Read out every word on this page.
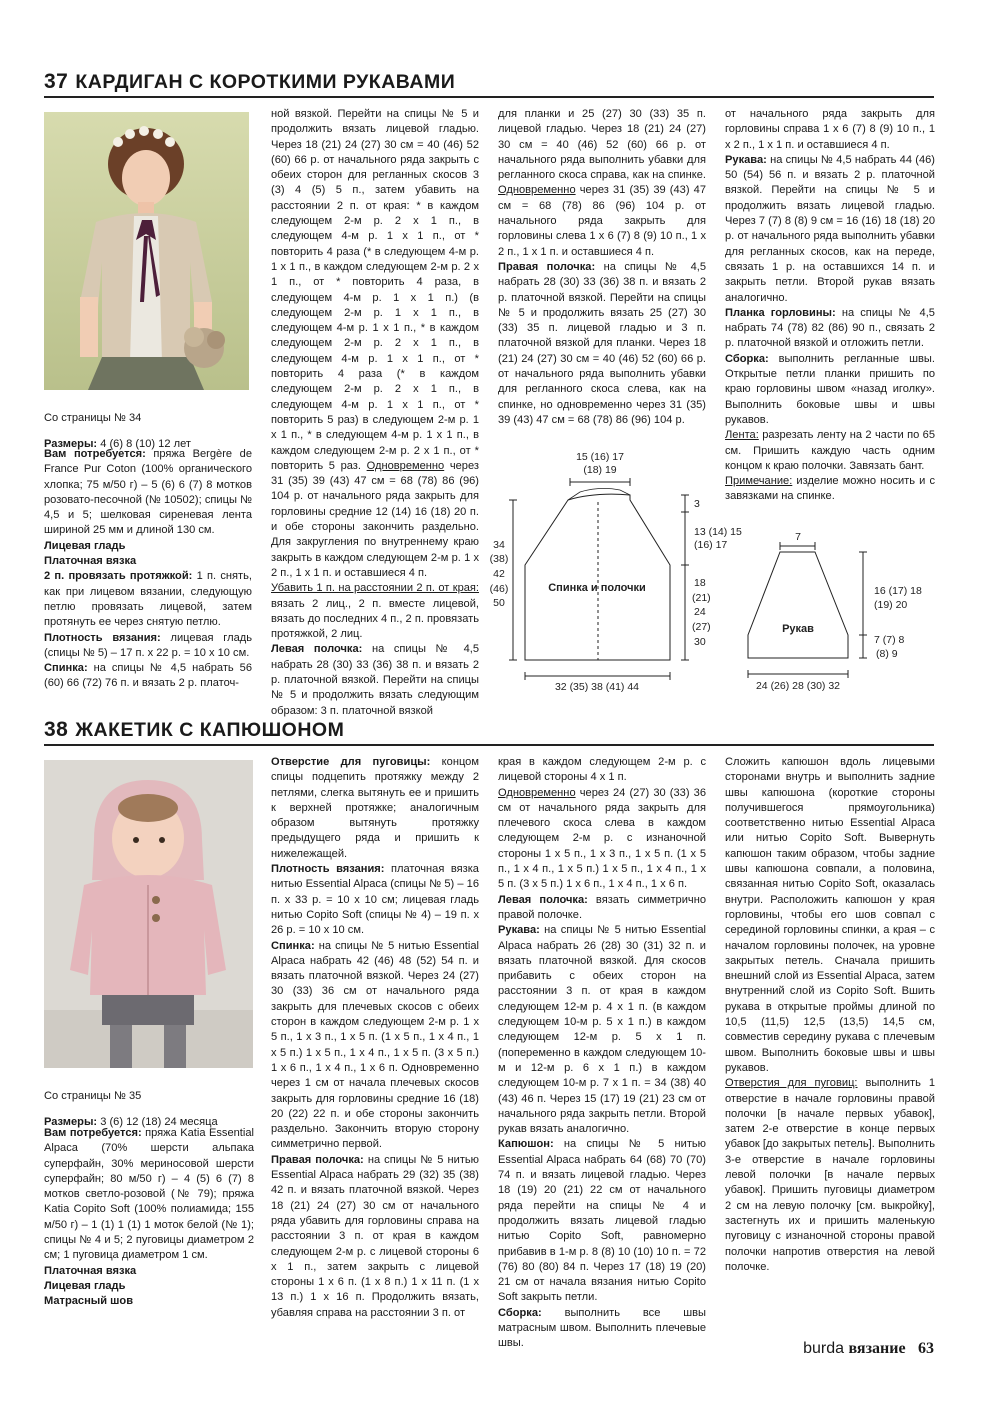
37 КАРДИГАН С КОРОТКИМИ РУКАВАМИ

Со страницы № 34

Размеры: 4 (6) 8 (10) 12 лет

Вам потребуется: пряжа Bergère de France Pur Coton (100% органического хлопка; 75 м/50 г) – 5 (6) 6 (7) 8 мотков розовато-песочной (№ 10502); спицы № 4,5 и 5; шелковая сиреневая лента шириной 25 мм и длиной 130 см.

Лицевая гладь

Платочная вязка

2 п. провязать протяжкой: 1 п. снять, как при лицевом вязании, следующую петлю провязать лицевой, затем протянуть ее через снятую петлю.

Плотность вязания: лицевая гладь (спицы № 5) – 17 п. х 22 р. = 10 х 10 см.

Спинка: на спицы № 4,5 набрать 56 (60) 66 (72) 76 п. и вязать 2 р. платоч-

ной вязкой. Перейти на спицы № 5 и продолжить вязать лицевой гладью. Через 18 (21) 24 (27) 30 см = 40 (46) 52 (60) 66 р. от начального ряда закрыть с обеих сторон для регланных скосов 3 (3) 4 (5) 5 п., затем убавить на расстоянии 2 п. от края: * в каждом следующем 2-м р. 2 х 1 п., в следующем 4-м р. 1 х 1 п., от * повторить 4 раза (* в следующем 4-м р. 1 х 1 п., в каждом следующем 2-м р. 2 х 1 п., от * повторить 4 раза, в следующем 4-м р. 1 х 1 п.) (в следующем 2-м р. 1 х 1 п., в следующем 4-м р. 1 х 1 п., * в каждом следующем 2-м р. 2 х 1 п., в следующем 4-м р. 1 х 1 п., от * повторить 4 раза (* в каждом следующем 2-м р. 2 х 1 п., в следующем 4-м р. 1 х 1 п., от * повторить 5 раз) в следующем 2-м р. 1 х 1 п., * в следующем 4-м р. 1 х 1 п., в каждом следующем 2-м р. 2 х 1 п., от * повторить 5 раз. Одновременно через 31 (35) 39 (43) 47 см = 68 (78) 86 (96) 104 р. от начального ряда закрыть для горловины средние 12 (14) 16 (18) 20 п. и обе стороны закончить раздельно. Для закругления по внутреннему краю закрыть в каждом следующем 2-м р. 1 х 2 п., 1 х 1 п. и оставшиеся 4 п.

Убавить 1 п. на расстоянии 2 п. от края: вязать 2 лиц., 2 п. вместе лицевой, вязать до последних 4 п., 2 п. провязать протяжкой, 2 лиц.

Левая полочка: на спицы № 4,5 набрать 28 (30) 33 (36) 38 п. и вязать 2 р. платочной вязкой. Перейти на спицы № 5 и продолжить вязать следующим образом: 3 п. платочной вязкой

для планки и 25 (27) 30 (33) 35 п. лицевой гладью. Через 18 (21) 24 (27) 30 см = 40 (46) 52 (60) 66 р. от начального ряда выполнить убавки для регланного скоса справа, как на спинке. Одновременно через 31 (35) 39 (43) 47 см = 68 (78) 86 (96) 104 р. от начального ряда закрыть для горловины слева 1 х 6 (7) 8 (9) 10 п., 1 х 2 п., 1 х 1 п. и оставшиеся 4 п.

Правая полочка: на спицы № 4,5 набрать 28 (30) 33 (36) 38 п. и вязать 2 р. платочной вязкой. Перейти на спицы № 5 и продолжить вязать 25 (27) 30 (33) 35 п. лицевой гладью и 3 п. платочной вязкой для планки. Через 18 (21) 24 (27) 30 см = 40 (46) 52 (60) 66 р. от начального ряда выполнить убавки для регланного скоса слева, как на спинке, но одновременно через 31 (35) 39 (43) 47 см = 68 (78) 86 (96) 104 р.

от начального ряда закрыть для горловины справа 1 х 6 (7) 8 (9) 10 п., 1 х 2 п., 1 х 1 п. и оставшиеся 4 п.

Рукава: на спицы № 4,5 набрать 44 (46) 50 (54) 56 п. и вязать 2 р. платочной вязкой. Перейти на спицы № 5 и продолжить вязать лицевой гладью. Через 7 (7) 8 (8) 9 см = 16 (16) 18 (18) 20 р. от начального ряда выполнить убавки для регланных скосов, как на переде, связать 1 р. на оставшихся 14 п. и закрыть петли. Второй рукав вязать аналогично.

Планка горловины: на спицы № 4,5 набрать 74 (78) 82 (86) 90 п., связать 2 р. платочной вязкой и отложить петли.

Сборка: выполнить регланные швы. Открытые петли планки пришить по краю горловины швом «назад иголку». Выполнить боковые швы и швы рукавов.

Лента: разрезать ленту на 2 части по 65 см. Пришить каждую часть одним концом к краю полочки. Завязать бант.

Примечание: изделие можно носить и с завязками на спинке.

15 (16) 17
(18) 19
3
13 (14) 15
(16) 17
18
(21)
24
(27)
30
34
(38)
42
(46)
50
Спинка и полочки
32 (35) 38 (41) 44
7
16 (17) 18
(19) 20
7 (7) 8
(8) 9
Рукав
24 (26) 28 (30) 32
38 ЖАКЕТИК С КАПЮШОНОМ

Со страницы № 35

Размеры: 3 (6) 12 (18) 24 месяца

Вам потребуется: пряжа Katia Essential Alpaca (70% шерсти альпака суперфайн, 30% мериносовой шерсти суперфайн; 80 м/50 г) – 4 (5) 6 (7) 8 мотков светло-розовой (№ 79); пряжа Katia Copito Soft (100% полиамида; 155 м/50 г) – 1 (1) 1 (1) 1 моток белой (№ 1); спицы № 4 и 5; 2 пуговицы диаметром 2 см; 1 пуговица диаметром 1 см.

Платочная вязка

Лицевая гладь

Матрасный шов

Отверстие для пуговицы: концом спицы подцепить протяжку между 2 петлями, слегка вытянуть ее и пришить к верхней протяжке; аналогичным образом вытянуть протяжку предыдущего ряда и пришить к нижележащей.

Плотность вязания: платочная вязка нитью Essential Alpaca (спицы № 5) – 16 п. х 33 р. = 10 х 10 см; лицевая гладь нитью Copito Soft (спицы № 4) – 19 п. х 26 р. = 10 х 10 см.

Спинка: на спицы № 5 нитью Essential Alpaca набрать 42 (46) 48 (52) 54 п. и вязать платочной вязкой. Через 24 (27) 30 (33) 36 см от начального ряда закрыть для плечевых скосов с обеих сторон в каждом следующем 2-м р. 1 х 5 п., 1 х 3 п., 1 х 5 п. (1 х 5 п., 1 х 4 п., 1 х 5 п.) 1 х 5 п., 1 х 4 п., 1 х 5 п. (3 х 5 п.) 1 х 6 п., 1 х 4 п., 1 х 6 п. Одновременно через 1 см от начала плечевых скосов закрыть для горловины средние 16 (18) 20 (22) 22 п. и обе стороны закончить раздельно. Закончить вторую сторону симметрично первой.

Правая полочка: на спицы № 5 нитью Essential Alpaca набрать 29 (32) 35 (38) 42 п. и вязать платочной вязкой. Через 18 (21) 24 (27) 30 см от начального ряда убавить для горловины справа на расстоянии 3 п. от края в каждом следующем 2-м р. с лицевой стороны 6 х 1 п., затем закрыть с лицевой стороны 1 х 6 п. (1 х 8 п.) 1 х 11 п. (1 х 13 п.) 1 х 16 п. Продолжить вязать, убавляя справа на расстоянии 3 п. от

края в каждом следующем 2-м р. с лицевой стороны 4 х 1 п.

Одновременно через 24 (27) 30 (33) 36 см от начального ряда закрыть для плечевого скоса слева в каждом следующем 2-м р. с изнаночной стороны 1 х 5 п., 1 х 3 п., 1 х 5 п. (1 х 5 п., 1 х 4 п., 1 х 5 п.) 1 х 5 п., 1 х 4 п., 1 х 5 п. (3 х 5 п.) 1 х 6 п., 1 х 4 п., 1 х 6 п.

Левая полочка: вязать симметрично правой полочке.

Рукава: на спицы № 5 нитью Essential Alpaca набрать 26 (28) 30 (31) 32 п. и вязать платочной вязкой. Для скосов прибавить с обеих сторон на расстоянии 3 п. от края в каждом следующем 12-м р. 4 х 1 п. (в каждом следующем 10-м р. 5 х 1 п.) в каждом следующем 12-м р. 5 х 1 п. (попеременно в каждом следующем 10-м и 12-м р. 6 х 1 п.) в каждом следующем 10-м р. 7 х 1 п. = 34 (38) 40 (43) 46 п. Через 15 (17) 19 (21) 23 см от начального ряда закрыть петли. Второй рукав вязать аналогично.

Капюшон: на спицы № 5 нитью Essential Alpaca набрать 64 (68) 70 (70) 74 п. и вязать лицевой гладью. Через 18 (19) 20 (21) 22 см от начального ряда перейти на спицы № 4 и продолжить вязать лицевой гладью нитью Copito Soft, равномерно прибавив в 1-м р. 8 (8) 10 (10) 10 п. = 72 (76) 80 (80) 84 п. Через 17 (18) 19 (20) 21 см от начала вязания нитью Copito Soft закрыть петли.

Сборка: выполнить все швы матрасным швом. Выполнить плечевые швы.

Сложить капюшон вдоль лицевыми сторонами внутрь и выполнить задние швы капюшона (короткие стороны получившегося прямоугольника) соответственно нитью Essential Alpaca или нитью Copito Soft. Вывернуть капюшон таким образом, чтобы задние швы капюшона совпали, а половина, связанная нитью Copito Soft, оказалась внутри. Расположить капюшон у края горловины, чтобы его шов совпал с серединой горловины спинки, а края – с началом горловины полочек, на уровне закрытых петель. Сначала пришить внешний слой из Essential Alpaca, затем внутренний слой из Copito Soft. Вшить рукава в открытые проймы длиной по 10,5 (11,5) 12,5 (13,5) 14,5 см, совместив середину рукава с плечевым швом. Выполнить боковые швы и швы рукавов.

Отверстия для пуговиц: выполнить 1 отверстие в начале горловины правой полочки [в начале первых убавок], затем 2-е отверстие в конце первых убавок [до закрытых петель]. Выполнить 3-е отверстие в начале горловины левой полочки [в начале первых убавок]. Пришить пуговицы диаметром 2 см на левую полочку [см. выкройку], застегнуть их и пришить маленькую пуговицу с изнаночной стороны правой полочки напротив отверстия на левой полочке.

burda вязание 63
